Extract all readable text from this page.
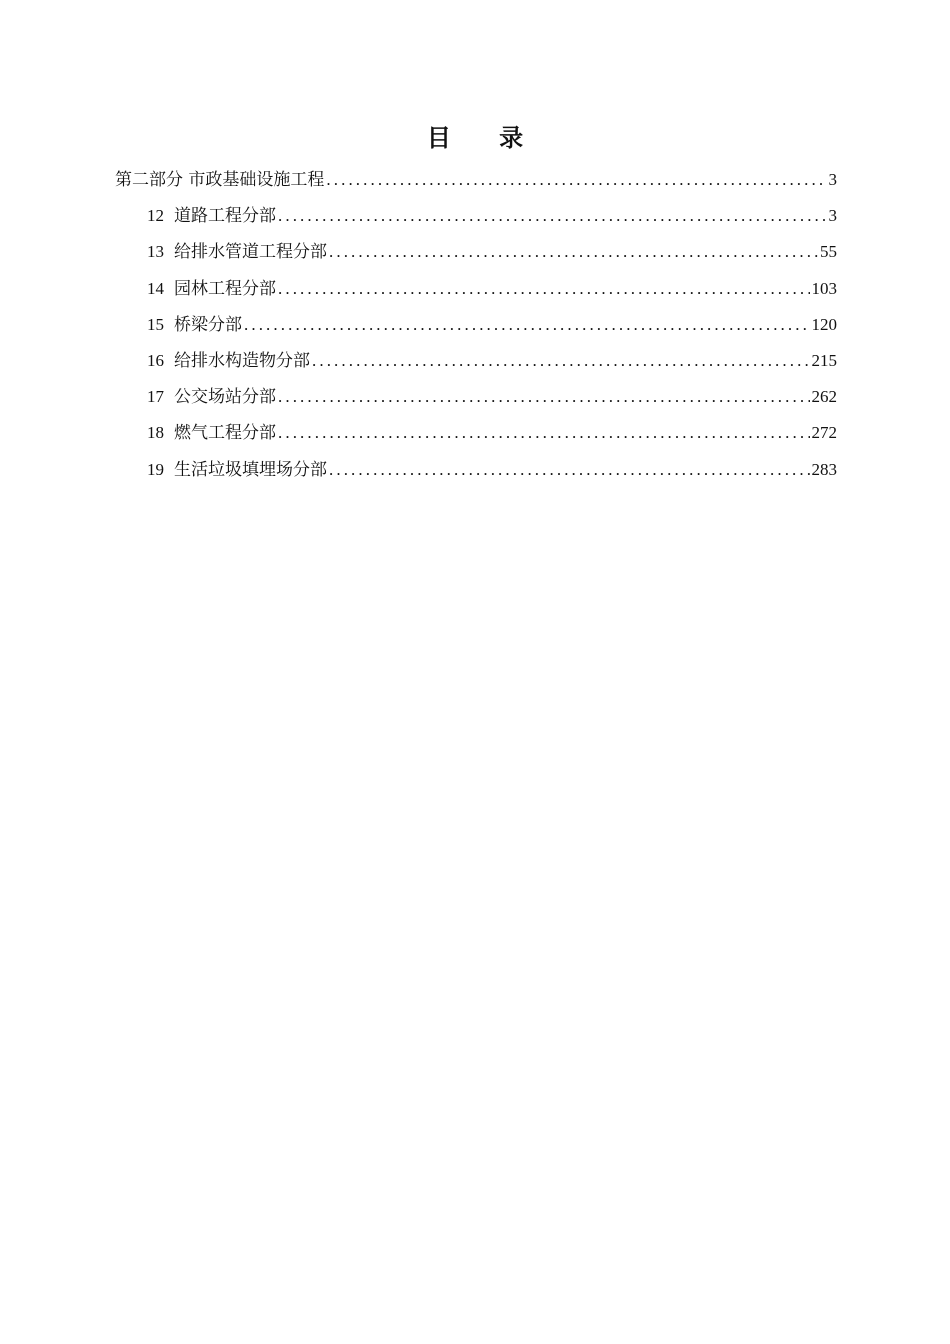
目 录
第二部分 市政基础设施工程 .....	3
12 道路工程分部 .....	3
13 给排水管道工程分部 .....	55
14 园林工程分部 .....	103
15 桥梁分部 .....	120
16 给排水构造物分部 .....	215
17 公交场站分部 .....	262
18 燃气工程分部 .....	272
19 生活垃圾填埋场分部 .....	283
